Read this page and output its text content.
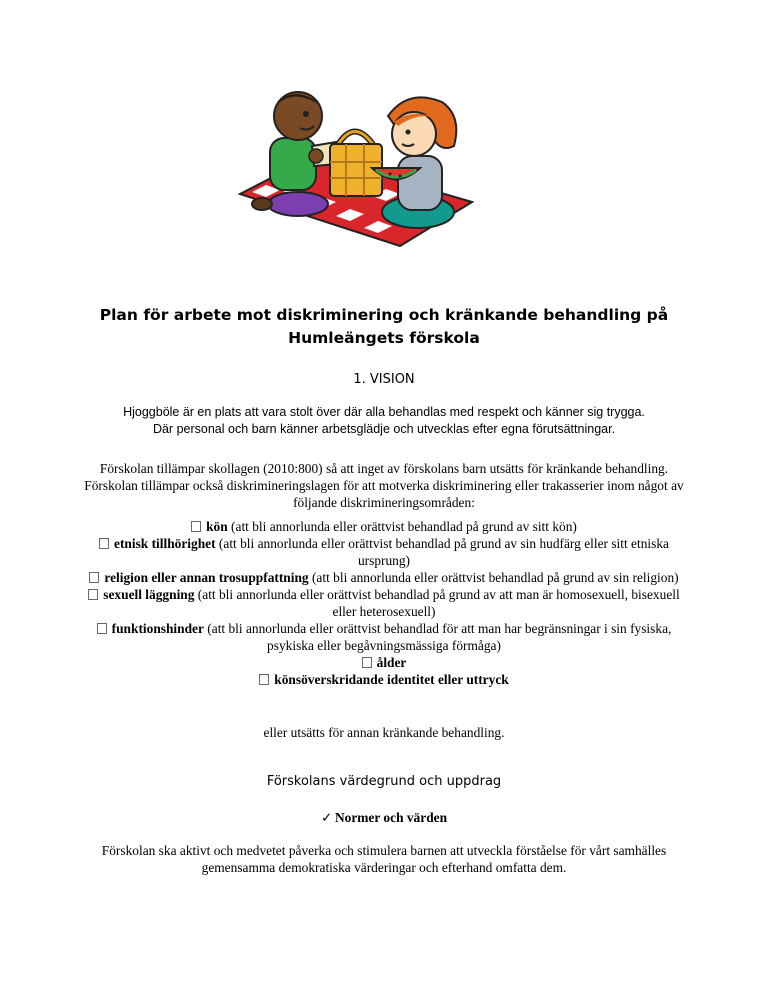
Plan för arbete mot diskriminering och kränkande behandling på
Humleängets förskola
1. VISION
Hjoggböle är en plats att vara stolt över där alla behandlas med respekt och känner sig trygga.
Där personal och barn känner arbetsglädje och utvecklas efter egna förutsättningar.
Förskolan tillämpar skollagen (2010:800) så att inget av förskolans barn utsätts för kränkande behandling. Förskolan tillämpar också diskrimineringslagen för att motverka diskriminering eller trakasserier inom något av följande diskrimineringsområden:

kön (att bli annorlunda eller orättvist behandlad på grund av sitt kön)

etnisk tillhörighet (att bli annorlunda eller orättvist behandlad på grund av sin hudfärg eller sitt etniska ursprung)

religion eller annan trosuppfattning (att bli annorlunda eller orättvist behandlad på grund av sin religion)

sexuell läggning (att bli annorlunda eller orättvist behandlad på grund av att man är homosexuell, bisexuell eller heterosexuell)

funktionshinder (att bli annorlunda eller orättvist behandlad för att man har begränsningar i sin fysiska, psykiska eller begåvningsmässiga förmåga)

ålder

könsöverskridande identitet eller uttryck

eller utsätts för annan kränkande behandling.
Förskolans värdegrund och uppdrag
✓ Normer och värden
Förskolan ska aktivt och medvetet påverka och stimulera barnen att utveckla förståelse för vårt samhälles gemensamma demokratiska värderingar och efterhand omfatta dem.
